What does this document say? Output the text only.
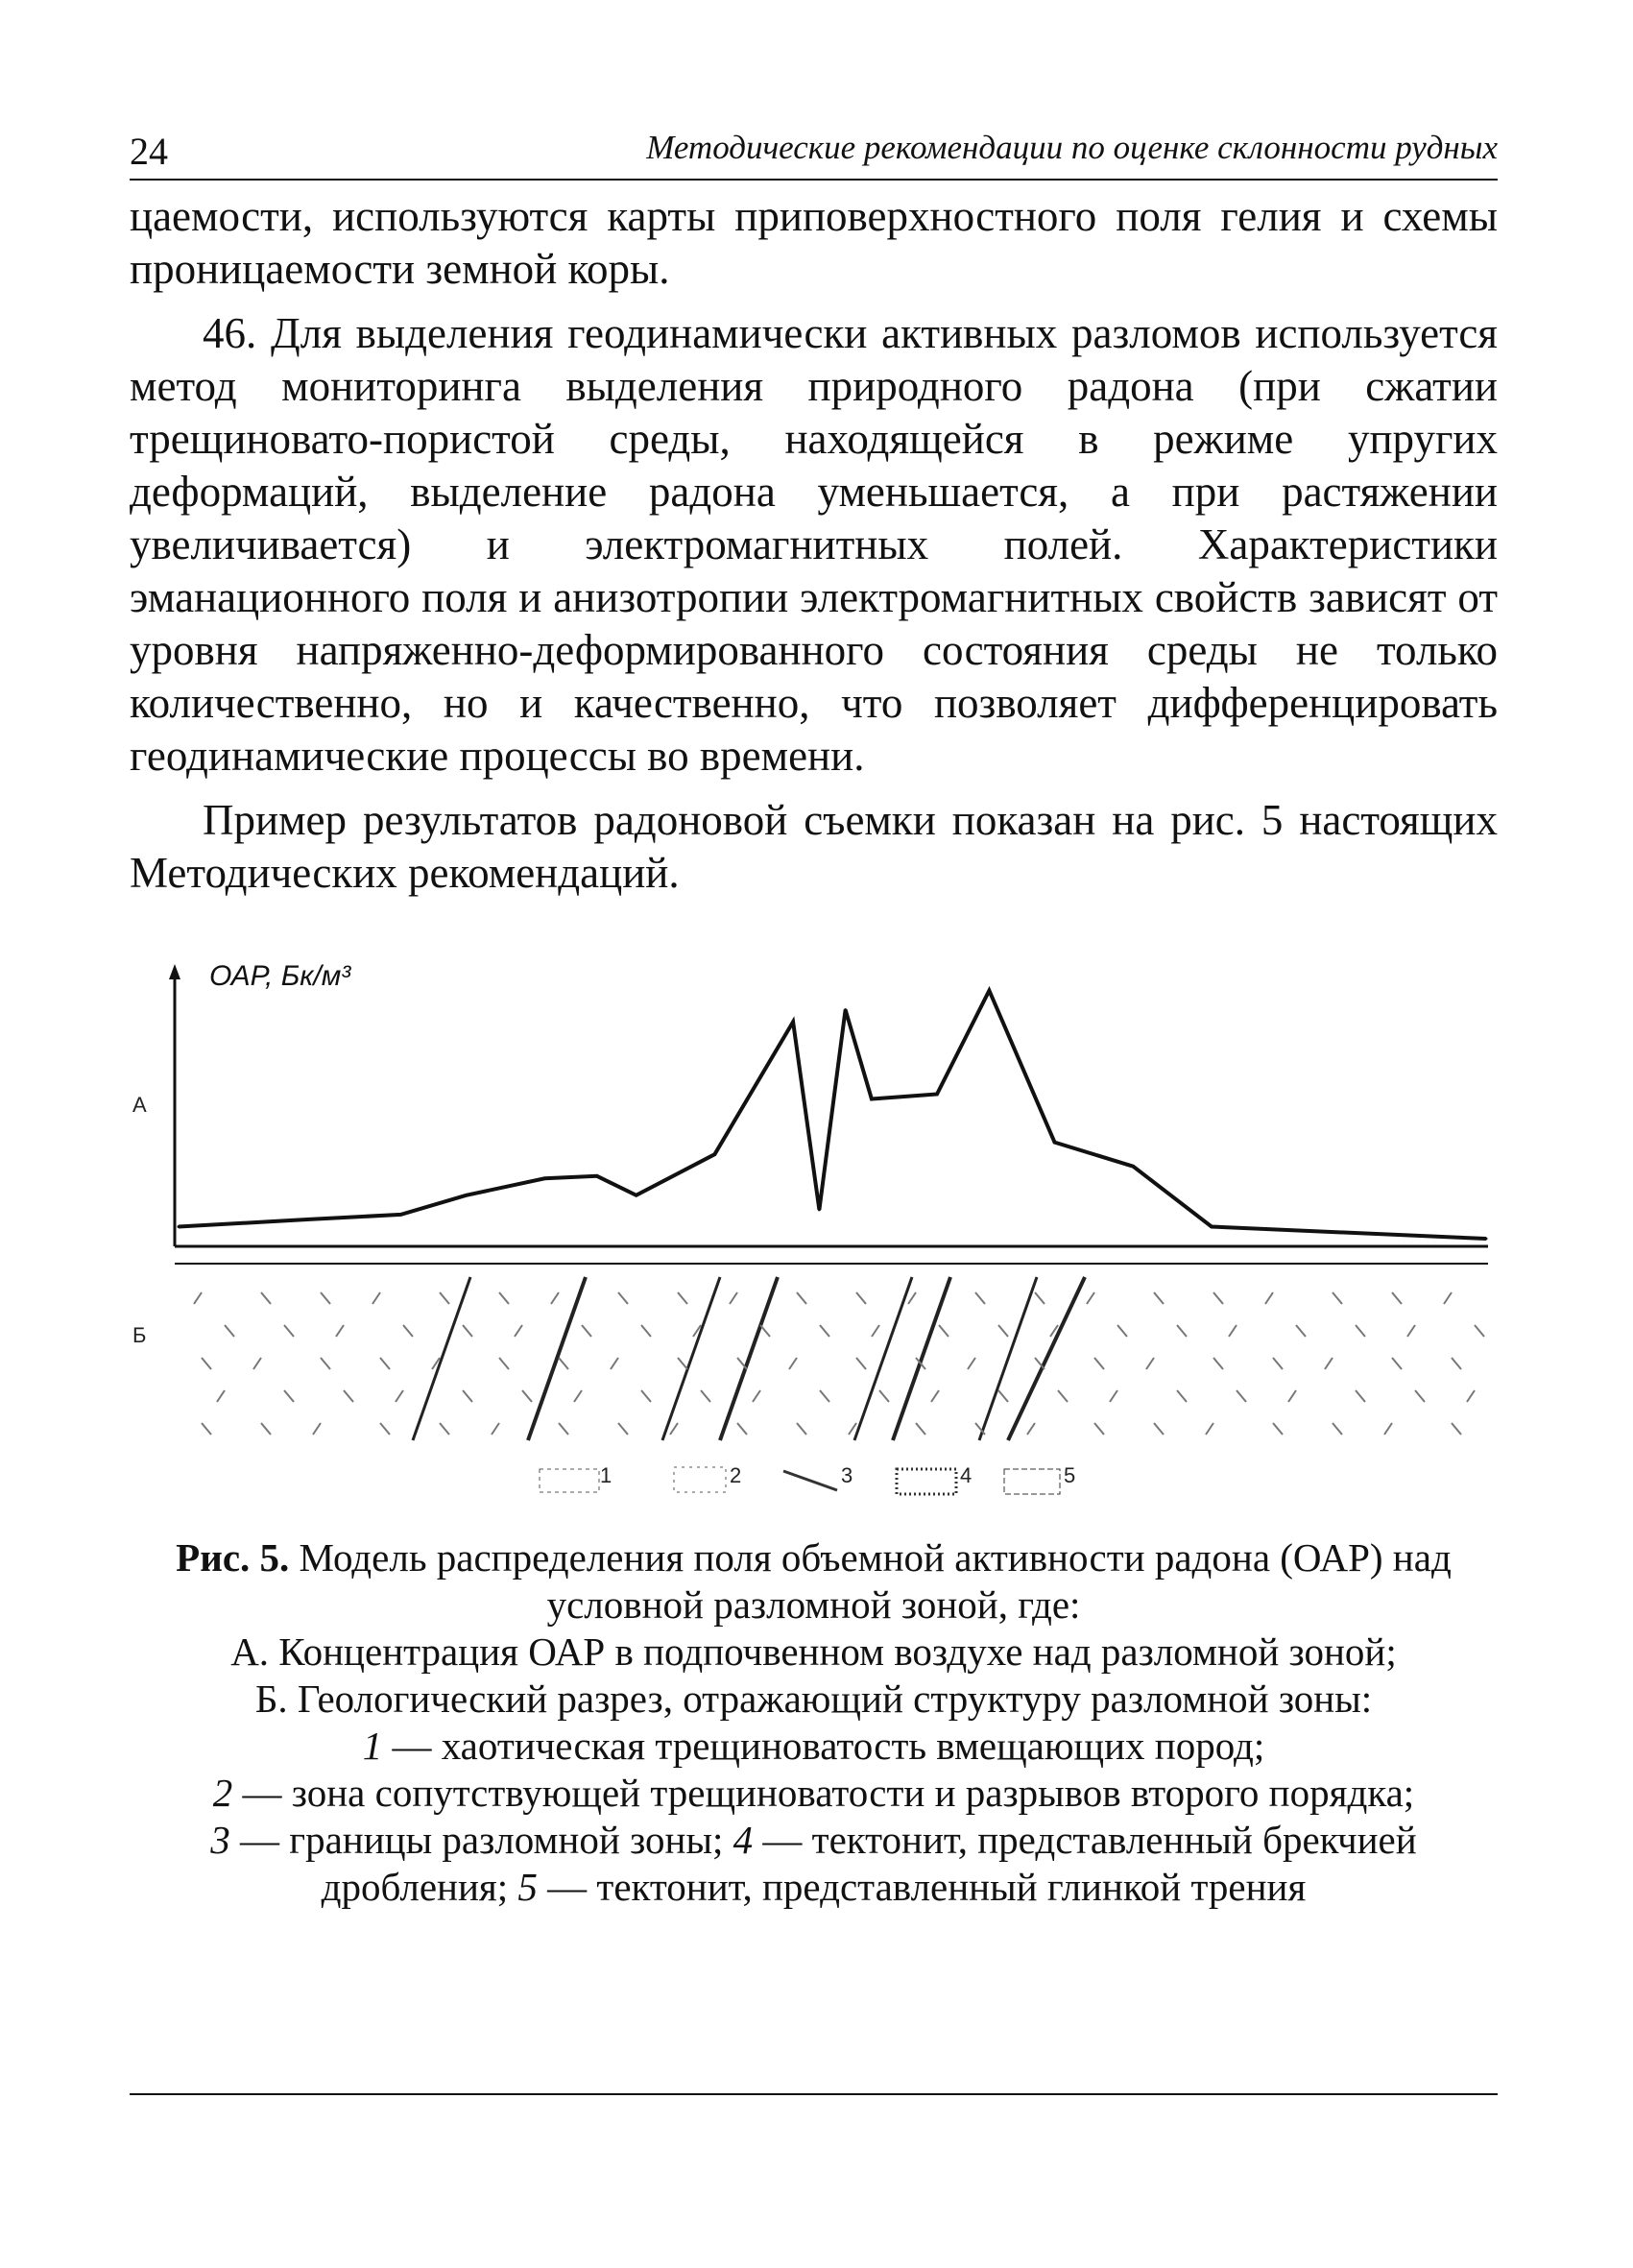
24	Методические рекомендации по оценке склонности рудных

цаемости, используются карты приповерхностного поля гелия и схемы проницаемости земной коры.

46. Для выделения геодинамически активных разломов используется метод мониторинга выделения природного радона (при сжатии трещиновато-пористой среды, находящейся в режиме упругих деформаций, выделение радона уменьшается, а при растяжении увеличивается) и электромагнитных полей. Характеристики эманационного поля и анизотропии электромагнитных свойств зависят от уровня напряженно-деформированного состояния среды не только количественно, но и качественно, что позволяет дифференцировать геодинамические процессы во времени.

Пример результатов радоновой съемки показан на рис. 5 настоящих Методических рекомендаций.

ОАР, Бк/м³
А
Б
1	2	3	4	5
Рис. 5. Модель распределения поля объемной активности радона (ОАР) над условной разломной зоной, где:
А. Концентрация ОАР в подпочвенном воздухе над разломной зоной;
Б. Геологический разрез, отражающий структуру разломной зоны:
1 — хаотическая трещиноватость вмещающих пород;
2 — зона сопутствующей трещиноватости и разрывов второго порядка;
3 — границы разломной зоны; 4 — тектонит, представленный брекчией дробления; 5 — тектонит, представленный глинкой трения
